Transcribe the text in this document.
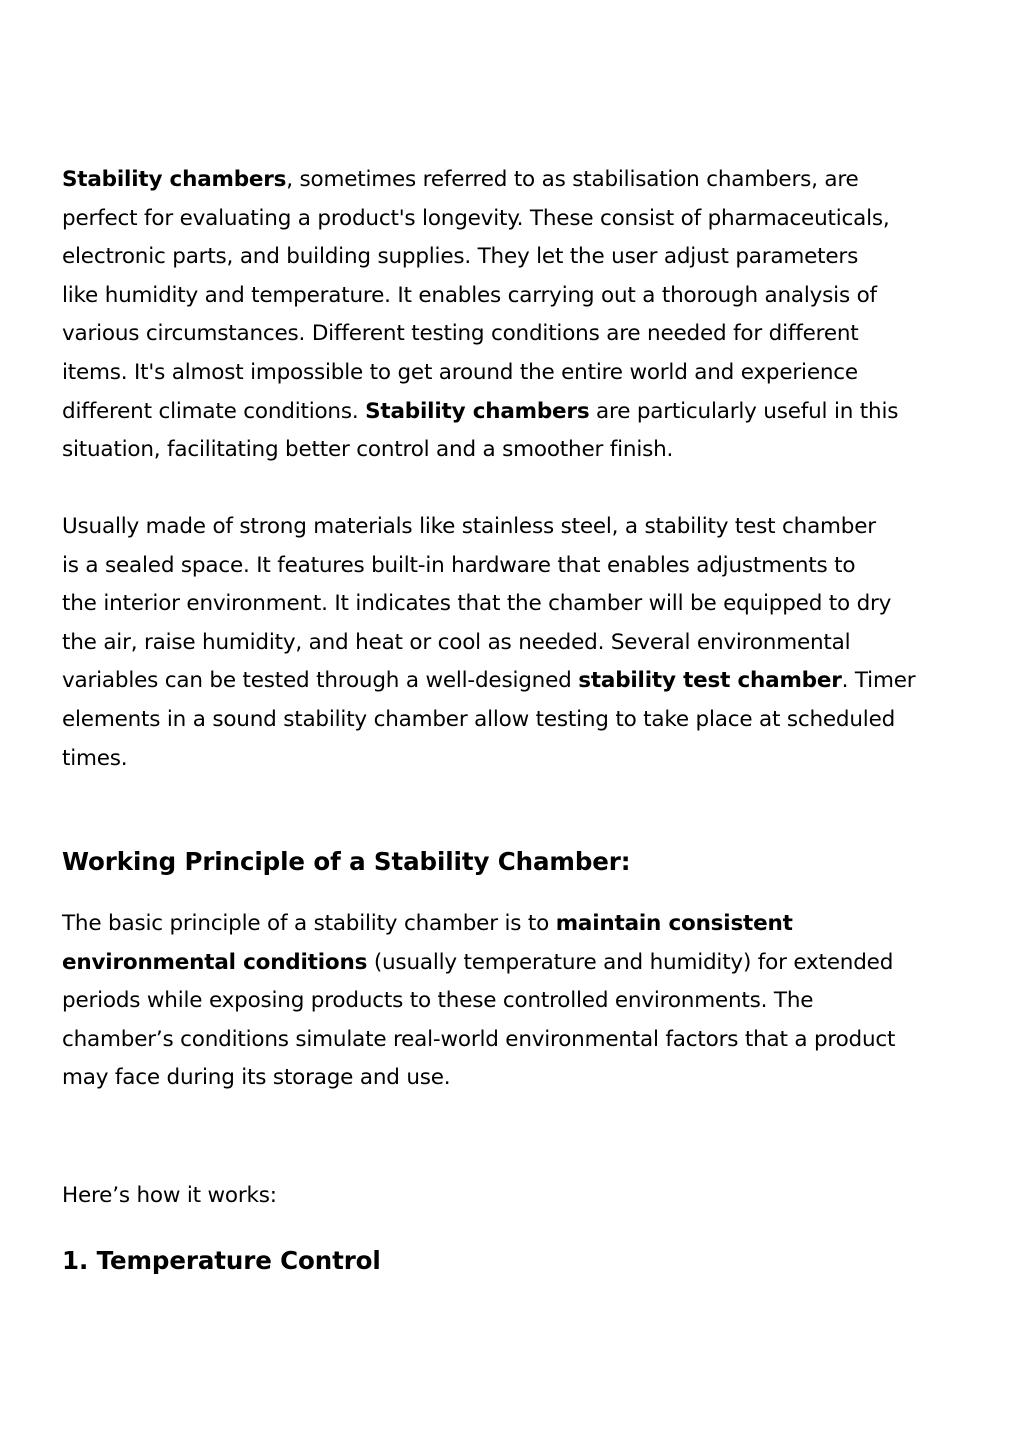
Stability chambers, sometimes referred to as stabilisation chambers, are
perfect for evaluating a product's longevity. These consist of pharmaceuticals,
electronic parts, and building supplies. They let the user adjust parameters
like humidity and temperature. It enables carrying out a thorough analysis of
various circumstances. Different testing conditions are needed for different
items. It's almost impossible to get around the entire world and experience
different climate conditions. Stability chambers are particularly useful in this
situation, facilitating better control and a smoother finish.

Usually made of strong materials like stainless steel, a stability test chamber
is a sealed space. It features built-in hardware that enables adjustments to
the interior environment. It indicates that the chamber will be equipped to dry
the air, raise humidity, and heat or cool as needed. Several environmental
variables can be tested through a well-designed stability test chamber. Timer
elements in a sound stability chamber allow testing to take place at scheduled
times.

Working Principle of a Stability Chamber:

The basic principle of a stability chamber is to maintain consistent
environmental conditions (usually temperature and humidity) for extended
periods while exposing products to these controlled environments. The
chamber’s conditions simulate real-world environmental factors that a product
may face during its storage and use.

Here’s how it works:

1. Temperature Control
